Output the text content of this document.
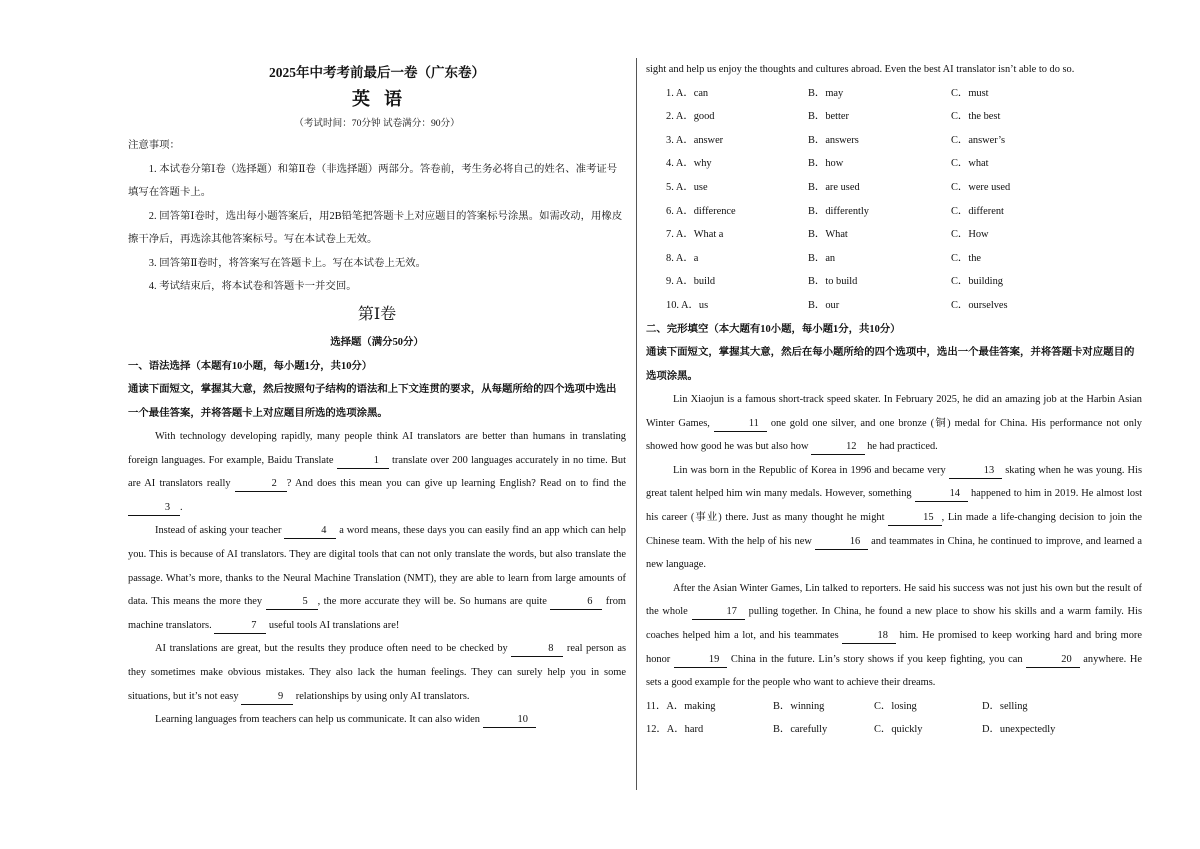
2025年中考考前最后一卷（广东卷）
英语
（考试时间：70分钟 试卷满分：90分）
注意事项：
1. 本试卷分第Ⅰ卷（选择题）和第Ⅱ卷（非选择题）两部分。答卷前，考生务必将自己的姓名、准考证号填写在答题卡上。
2. 回答第Ⅰ卷时，选出每小题答案后，用2B铅笔把答题卡上对应题目的答案标号涂黑。如需改动，用橡皮擦干净后，再选涂其他答案标号。写在本试卷上无效。
3. 回答第Ⅱ卷时，将答案写在答题卡上。写在本试卷上无效。
4. 考试结束后，将本试卷和答题卡一并交回。
第Ⅰ卷
选择题（满分50分）
一、语法选择（本题有10小题，每小题1分，共10分）
通读下面短文，掌握其大意，然后按照句子结构的语法和上下文连贯的要求，从每题所给的四个选项中选出一个最佳答案，并将答题卡上对应题目所选的选项涂黑。
With technology developing rapidly, many people think AI translators are better than humans in translating foreign languages. For example, Baidu Translate	1 translate over 200 languages accurately in no time. But are AI translators really	2 ? And does this mean you can give up learning English? Read on to find the 3 .
Instead of asking your teacher	4 a word means, these days you can easily find an app which can help you. This is because of AI translators. They are digital tools that can not only translate the words, but also translate the passage. What’s more, thanks to the Neural Machine Translation (NMT), they are able to learn from large amounts of data. This means the more they	5 , the more accurate they will be. So humans are quite	6 from machine translators.	7 useful tools AI translations are!
AI translations are great, but the results they produce often need to be checked by	8 real person as they sometimes make obvious mistakes. They also lack the human feelings. They can surely help you in some situations, but it’s not easy	9 relationships by using only AI translators.
Learning languages from teachers can help us communicate. It can also widen	10
sight and help us enjoy the thoughts and cultures abroad. Even the best AI translator isn’t able to do so.
1. A．can	B．may	C．must
2. A．good	B．better	C．the best
3. A．answer	B．answers	C．answer’s
4. A．why	B．how	C．what
5. A．use	B．are used	C．were used
6. A．difference	B．differently	C．different
7. A．What a	B．What	C．How
8. A．a	B．an	C．the
9. A．build	B．to build	C．building
10. A．us	B．our	C．ourselves
二、完形填空（本大题有10小题，每小题1分，共10分）
通读下面短文，掌握其大意，然后在每小题所给的四个选项中，选出一个最佳答案，并将答题卡对应题目的选项涂黑。
Lin Xiaojun is a famous short-track speed skater. In February 2025, he did an amazing job at the Harbin Asian Winter Games,	11 one gold one silver, and one bronze (铜) medal for China. His performance not only showed how good he was but also how	12 he had practiced.
Lin was born in the Republic of Korea in 1996 and became very	13 skating when he was young. His great talent helped him win many medals. However, something	14 happened to him in 2019. He almost lost his career (事业) there. Just as many thought he might	15 , Lin made a life-changing decision to join the Chinese team. With the help of his new	16 and teammates in China, he continued to improve, and learned a new language.
After the Asian Winter Games, Lin talked to reporters. He said his success was not just his own but the result of the whole	17 pulling together. In China, he found a new place to show his skills and a warm family. His coaches helped him a lot, and his teammates	18 him. He promised to keep working hard and bring more honor	19 China in the future. Lin’s story shows if you keep fighting, you can	20 anywhere. He sets a good example for the people who want to achieve their dreams.
11．A．making	B．winning	C．losing	D．selling
12．A．hard	B．carefully	C．quickly	D．unexpectedly
